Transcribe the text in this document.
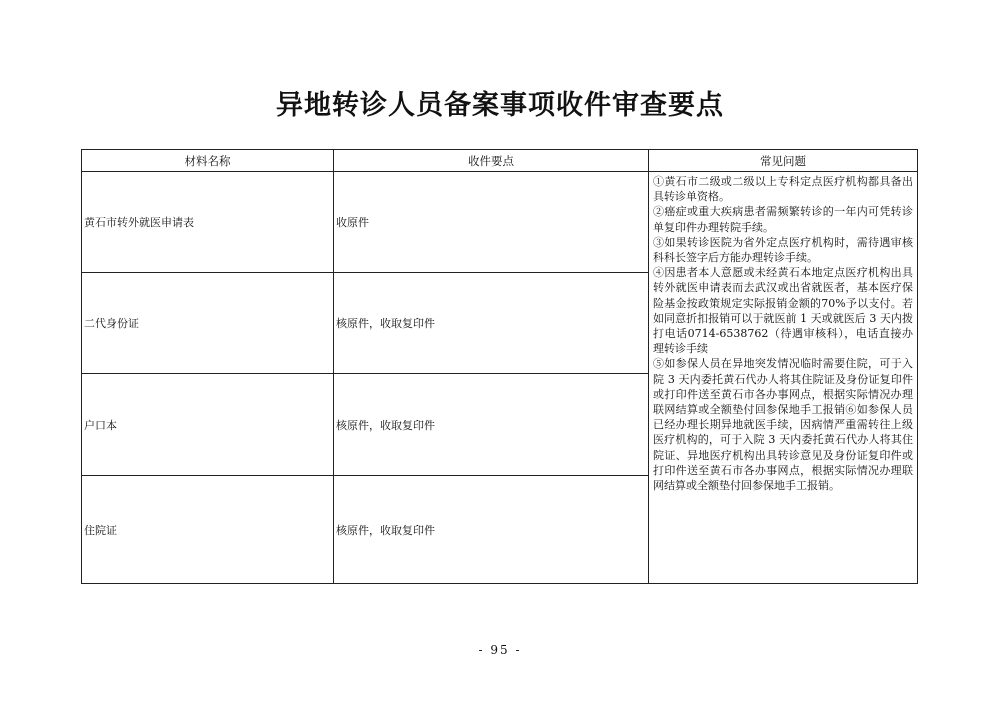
异地转诊人员备案事项收件审查要点
材料名称	收件要点	常见问题
黄石市转外就医申请表	收原件	①黄石市二级或二级以上专科定点医疗机构都具备出具转诊单资格。
②癌症或重大疾病患者需频繁转诊的一年内可凭转诊单复印件办理转院手续。
③如果转诊医院为省外定点医疗机构时，需待遇审核科科长签字后方能办理转诊手续。
④因患者本人意愿或未经黄石本地定点医疗机构出具转外就医申请表而去武汉或出省就医者，基本医疗保险基金按政策规定实际报销金额的70%予以支付。若如同意折扣报销可以于就医前 1 天或就医后 3 天内拨打电话0714-6538762（待遇审核科），电话直接办理转诊手续
⑤如参保人员在异地突发情况临时需要住院，可于入院 3 天内委托黄石代办人将其住院证及身份证复印件或打印件送至黄石市各办事网点，根据实际情况办理联网结算或全额垫付回参保地手工报销⑥如参保人员已经办理长期异地就医手续，因病情严重需转往上级医疗机构的，可于入院 3 天内委托黄石代办人将其住院证、异地医疗机构出具转诊意见及身份证复印件或打印件送至黄石市各办事网点，根据实际情况办理联网结算或全额垫付回参保地手工报销。

二代身份证	核原件，收取复印件	
户口本	核原件，收取复印件	
住院证	核原件，收取复印件	
- 95 -
